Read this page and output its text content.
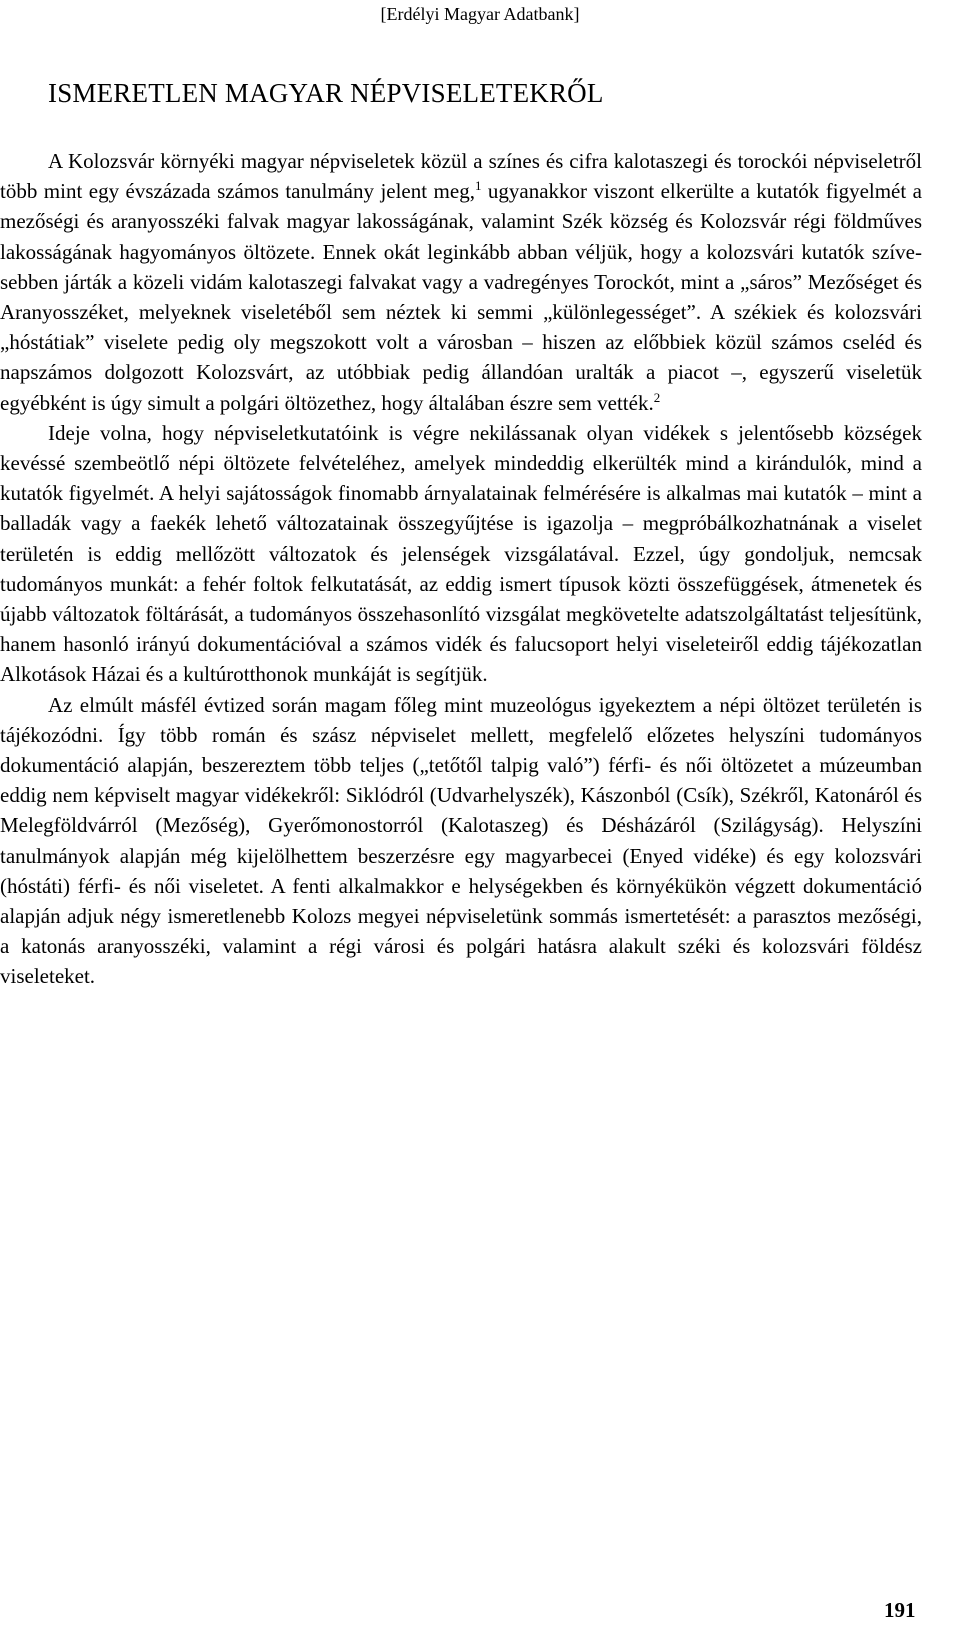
[Erdélyi Magyar Adatbank]
ISMERETLEN MAGYAR NÉPVISELETEKRŐL

A Kolozsvár környéki magyar népviseletek közül a színes és cifra kalotaszegi és torockói népviseletről több mint egy évszázada számos tanulmány jelent meg,$^1$ ugyanakkor viszont elkerülte a kutatók figyelmét a mezőségi és aranyosszéki falvak magyar lakosságának, valamint Szék község és Kolozsvár régi földműves lakosságának hagyományos öltözete. Ennek okát leginkább abban véljük, hogy a kolozsvári kutatók szívesebben járták a közeli vidám kalotaszegi falvakat vagy a vadregényes Torockót, mint a „sáros” Mezőséget és Aranyosszéket, melyeknek viseletéből sem néztek ki semmi „különlegességet”. A székiek és kolozsvári „hóstátiak” viselete pedig oly megszokott volt a városban – hiszen az előbbiek közül számos cseléd és napszámos dolgozott Kolozsvárt, az utóbbiak pedig állandóan uralták a piacot –, egyszerű viseletük egyébként is úgy simult a polgári öltözethez, hogy általában észre sem vették.$^2$

Ideje volna, hogy népviseletkutatóink is végre nekilássanak olyan vidékek s jelentősebb községek kevéssé szembeötlő népi öltözete felvételéhez, amelyek mindeddig elkerülték mind a kirándulók, mind a kutatók figyelmét. A helyi sajátosságok finomabb árnyalatainak felmérésére is alkalmas mai kutatók – mint a balladák vagy a faekék lehető változatainak összegyűjtése is igazolja – megpróbálkozhatnának a viselet területén is eddig mellőzött változatok és jelenségek vizsgálatával. Ezzel, úgy gondoljuk, nemcsak tudományos munkát: a fehér foltok felkutatását, az eddig ismert típusok közti összefüggések, átmenetek és újabb változatok föltárását, a tudományos összehasonlító vizsgálat megkövetelte adatszolgáltatást teljesítünk, hanem hasonló irányú dokumentációval a számos vidék és falucsoport helyi viseleteiről eddig tájékozatlan Alkotások Házai és a kultúrotthonok munkáját is segítjük.

Az elmúlt másfél évtized során magam főleg mint muzeológus igyekeztem a népi öltözet területén is tájékozódni. Így több román és szász népviselet mellett, megfelelő előzetes helyszíni tudományos dokumentáció alapján, beszereztem több teljes („tetőtől talpig való”) férfi- és női öltözetet a múzeumban eddig nem képviselt magyar vidékekről: Siklódról (Udvarhelyszék), Kászonból (Csík), Székről, Katonáról és Melegföldvárról (Mezőség), Gyerőmonostorról (Kalotaszeg) és Désházáról (Szilágyság). Helyszíni tanulmányok alapján még kijelölhettem beszerzésre egy magyarbecei (Enyed vidéke) és egy kolozsvári (hóstáti) férfi- és női viseletet. A fenti alkalmakkor e helységekben és környékükön végzett dokumentáció alapján adjuk négy ismeretlenebb Kolozs megyei népviseletünk sommás ismertetését: a parasztos mezőségi, a katonás aranyosszéki, valamint a régi városi és polgári hatásra alakult széki és kolozsvári földész viseleteket.

191
